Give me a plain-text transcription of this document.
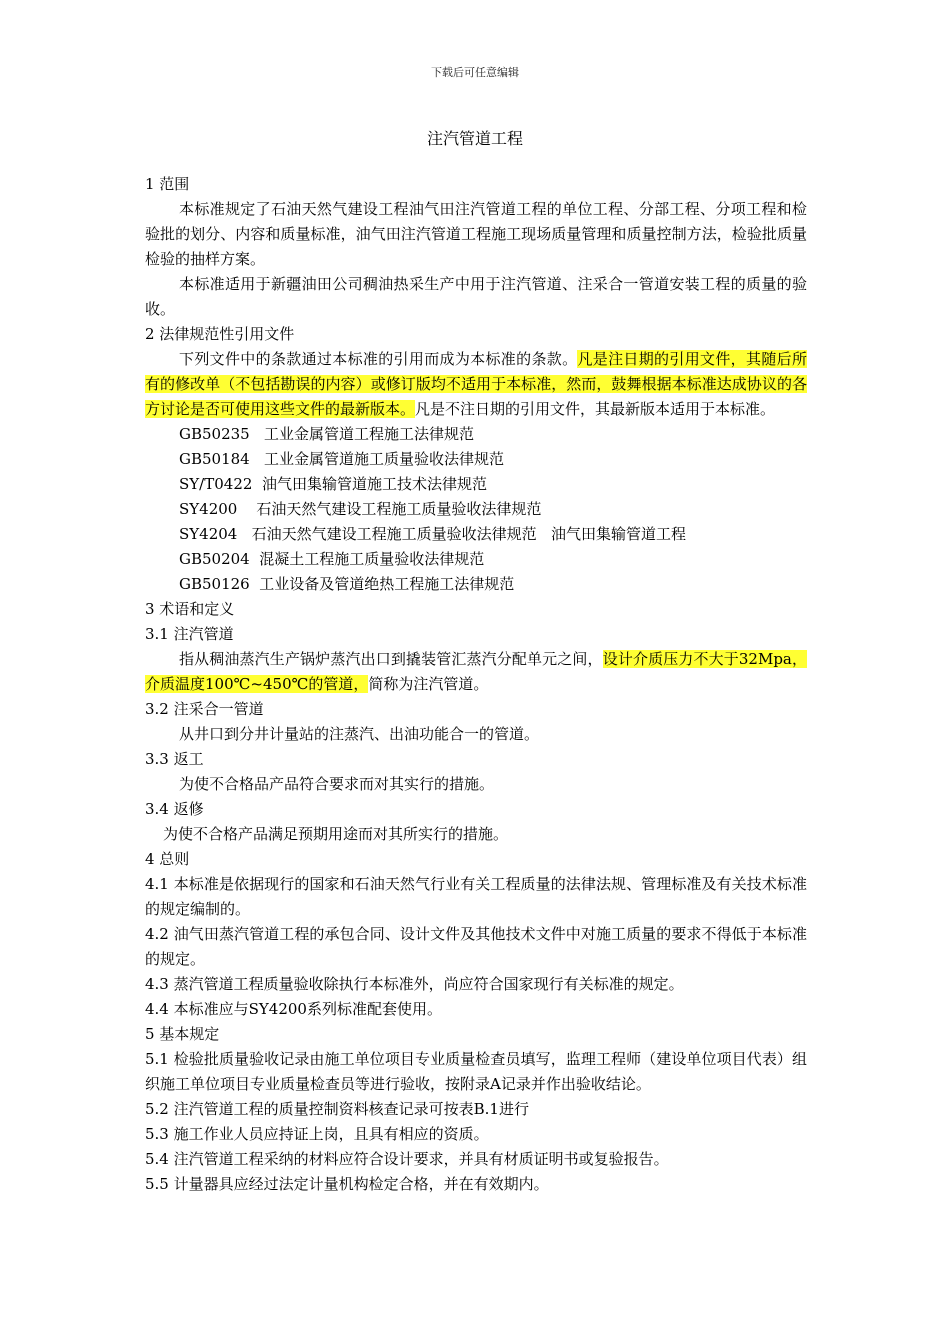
下载后可任意编辑
注汽管道工程

1 范围

本标准规定了石油天然气建设工程油气田注汽管道工程的单位工程、分部工程、分项工程和检验批的划分、内容和质量标准，油气田注汽管道工程施工现场质量管理和质量控制方法，检验批质量检验的抽样方案。

本标准适用于新疆油田公司稠油热采生产中用于注汽管道、注采合一管道安装工程的质量的验收。

2 法律规范性引用文件

下列文件中的条款通过本标准的引用而成为本标准的条款。凡是注日期的引用文件，其随后所有的修改单（不包括勘误的内容）或修订版均不适用于本标准，然而，鼓舞根据本标准达成协议的各方讨论是否可使用这些文件的最新版本。凡是不注日期的引用文件，其最新版本适用于本标准。

GB50235   工业金属管道工程施工法律规范

GB50184   工业金属管道施工质量验收法律规范

SY/T0422  油气田集输管道施工技术法律规范

SY4200    石油天然气建设工程施工质量验收法律规范

SY4204   石油天然气建设工程施工质量验收法律规范   油气田集输管道工程

GB50204  混凝土工程施工质量验收法律规范

GB50126  工业设备及管道绝热工程施工法律规范

3 术语和定义

3.1 注汽管道

指从稠油蒸汽生产锅炉蒸汽出口到撬装管汇蒸汽分配单元之间，设计介质压力不大于32Mpa，介质温度100℃~450℃的管道，简称为注汽管道。

3.2 注采合一管道

从井口到分井计量站的注蒸汽、出油功能合一的管道。

3.3 返工

为使不合格品产品符合要求而对其实行的措施。

3.4 返修

为使不合格产品满足预期用途而对其所实行的措施。

4 总则

4.1 本标准是依据现行的国家和石油天然气行业有关工程质量的法律法规、管理标准及有关技术标准的规定编制的。

4.2 油气田蒸汽管道工程的承包合同、设计文件及其他技术文件中对施工质量的要求不得低于本标准的规定。

4.3 蒸汽管道工程质量验收除执行本标准外，尚应符合国家现行有关标准的规定。

4.4 本标准应与SY4200系列标准配套使用。

5 基本规定

5.1 检验批质量验收记录由施工单位项目专业质量检查员填写，监理工程师（建设单位项目代表）组织施工单位项目专业质量检查员等进行验收，按附录A记录并作出验收结论。

5.2 注汽管道工程的质量控制资料核查记录可按表B.1进行

5.3 施工作业人员应持证上岗，且具有相应的资质。

5.4 注汽管道工程采纳的材料应符合设计要求，并具有材质证明书或复验报告。

5.5 计量器具应经过法定计量机构检定合格，并在有效期内。
